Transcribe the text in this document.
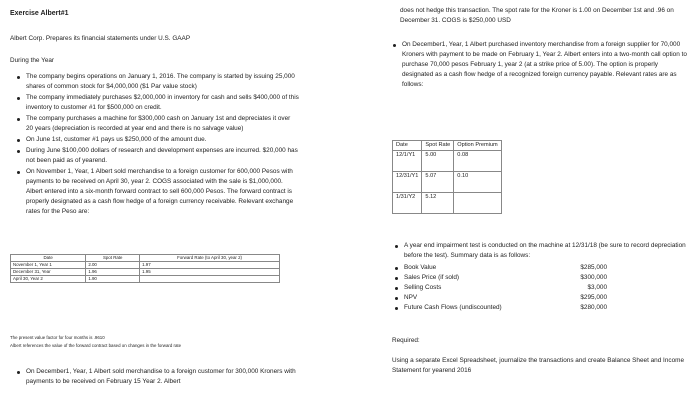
Exercise Albert#1
Albert Corp. Prepares its financial statements under U.S. GAAP
During the Year
The company begins operations on January 1, 2016. The company is started by issuing 25,000 shares of common stock for $4,000,000 ($1 Par value stock)
The company immediately purchases $2,000,000 in inventory for cash and sells $400,000 of this inventory to customer #1 for $500,000 on credit.
The company purchases a machine for $300,000 cash on January 1st and depreciates it over 20 years (depreciation is recorded at year end and there is no salvage value)
On June 1st, customer #1 pays us $250,000 of the amount due.
During June $100,000 dollars of research and development expenses are incurred. $20,000 has not been paid as of yearend.
On November 1, Year, 1 Albert sold merchandise to a foreign customer for 600,000 Pesos with payments to be received on April 30, year 2. COGS associated with the sale is $1,000,000. Albert entered into a six-month forward contract to sell 600,000 Pesos. The forward contract is properly designated as a cash flow hedge of a foreign currency receivable. Relevant exchange rates for the Peso are:
Date	Spot Rate	Forward Rate (to April 30, year 2)
November 1, Year 1	2.00	1.97
December 31, Year	1.96	1.95
April 30, Year 2	1.90	
The present value factor for four months is .9610
Albert references the value of the forward contract based on changes in the forward rate
On December1, Year, 1 Albert sold merchandise to a foreign customer for 300,000 Kroners with payments to be received on February 15 Year 2. Albert
does not hedge this transaction. The spot rate for the Kroner is 1.00 on December 1st and .96 on December 31. COGS is $250,000 USD
On December1, Year, 1 Albert purchased inventory merchandise from a foreign supplier for 70,000 Kroners with payment to be made on February 1, Year 2. Albert enters into a two-month call option to purchase 70,000 pesos February 1, year 2 (at a strike price of 5.00). The option is properly designated as a cash flow hedge of a recognized foreign currency payable. Relevant rates are as follows:
Date	Spot Rate	Option Premium
12/1/Y1	5.00	0.08
12/31/Y1	5.07	0.10
1/31/Y2	5.12	
A year end impairment test is conducted on the machine at 12/31/18 (be sure to record depreciation before the test). Summary data is as follows:
Book Value	$285,000
Sales Price (if sold)	$300,000
Selling Costs	$3,000
NPV	$295,000
Future Cash Flows (undiscounted)	$280,000
Required:
Using a separate Excel Spreadsheet, journalize the transactions and create Balance Sheet and Income Statement for yearend 2016
